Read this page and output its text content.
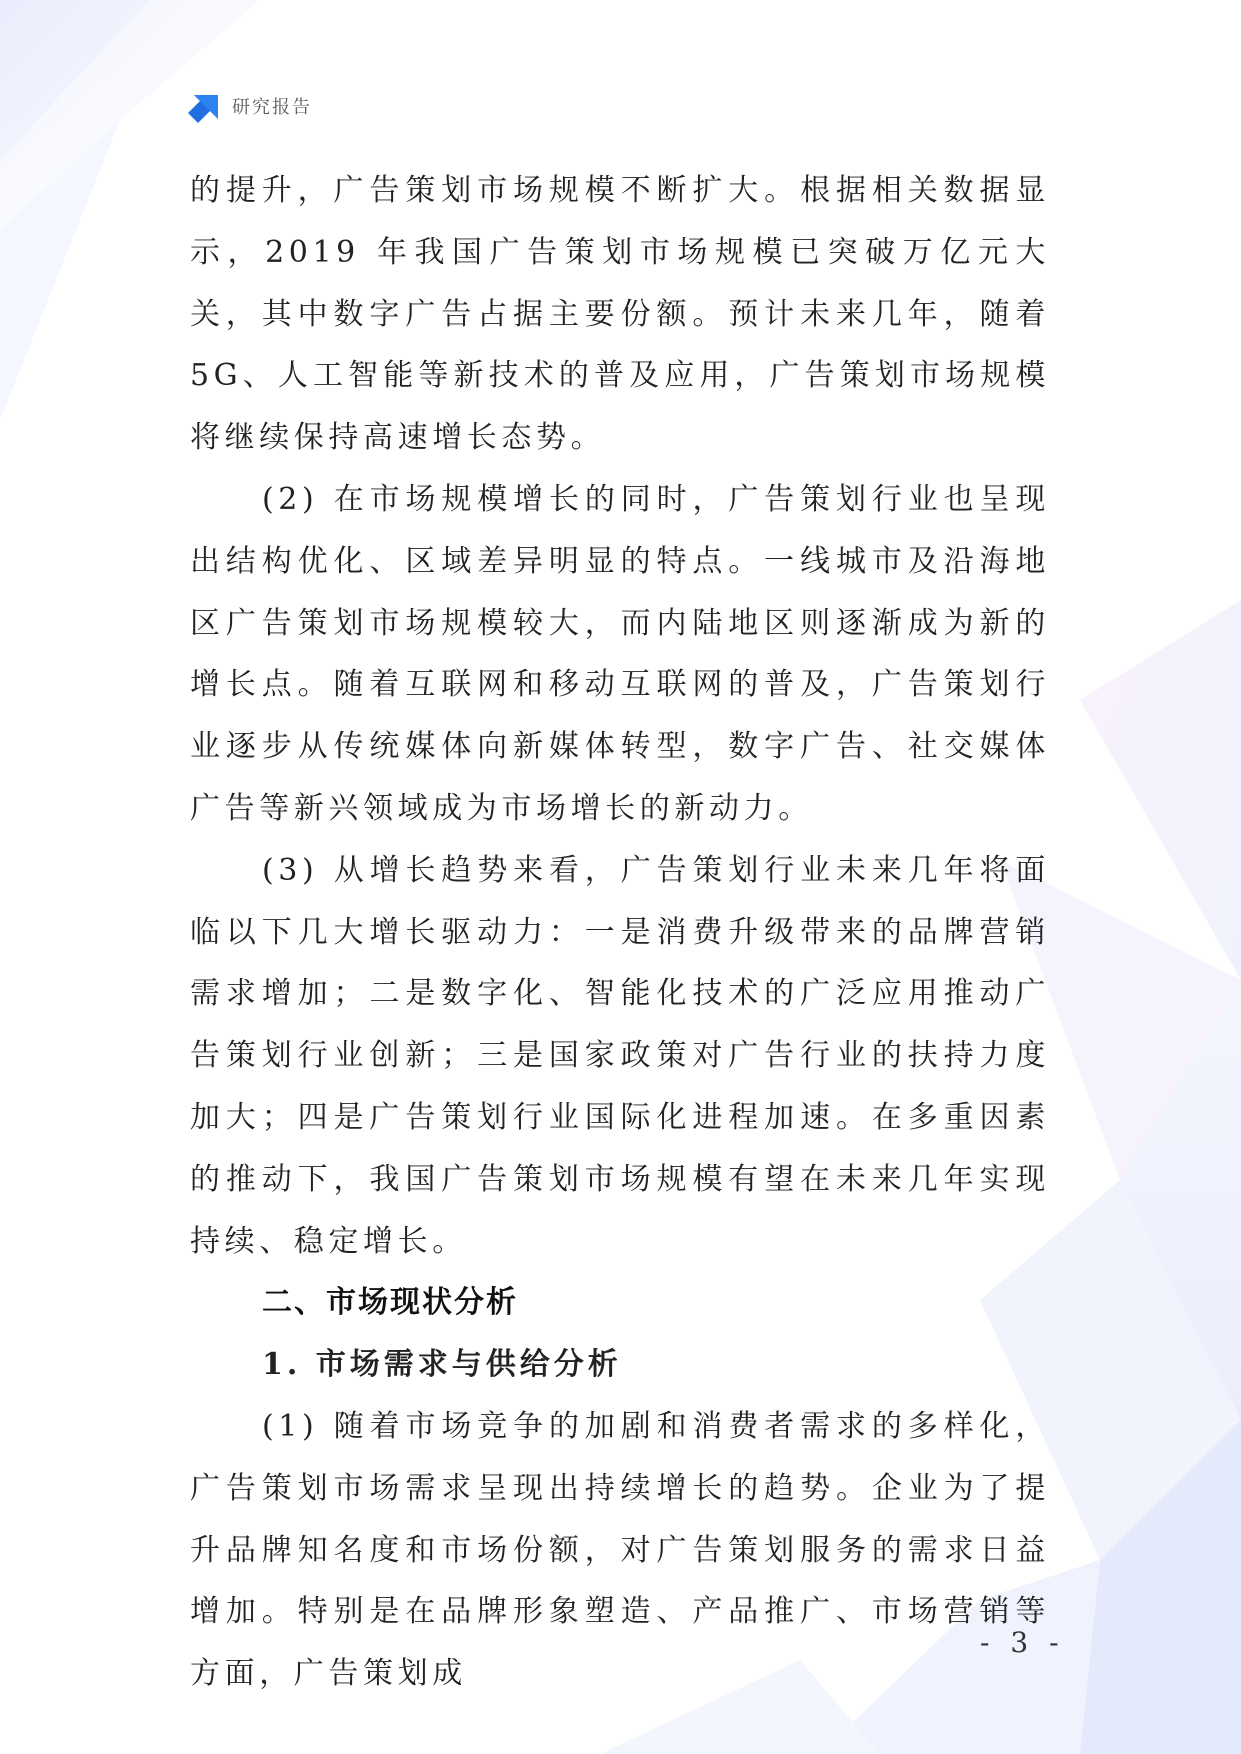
研究报告

的提升，广告策划市场规模不断扩大。根据相关数据显示，2019 年我国广告策划市场规模已突破万亿元大关，其中数字广告占据主要份额。预计未来几年，随着 5G、人工智能等新技术的普及应用，广告策划市场规模将继续保持高速增长态势。

(2) 在市场规模增长的同时，广告策划行业也呈现出结构优化、区域差异明显的特点。一线城市及沿海地区广告策划市场规模较大，而内陆地区则逐渐成为新的增长点。随着互联网和移动互联网的普及，广告策划行业逐步从传统媒体向新媒体转型，数字广告、社交媒体广告等新兴领域成为市场增长的新动力。

(3) 从增长趋势来看，广告策划行业未来几年将面临以下几大增长驱动力：一是消费升级带来的品牌营销需求增加；二是数字化、智能化技术的广泛应用推动广告策划行业创新；三是国家政策对广告行业的扶持力度加大；四是广告策划行业国际化进程加速。在多重因素的推动下，我国广告策划市场规模有望在未来几年实现持续、稳定增长。

二、市场现状分析
1. 市场需求与供给分析

(1) 随着市场竞争的加剧和消费者需求的多样化，广告策划市场需求呈现出持续增长的趋势。企业为了提升品牌知名度和市场份额，对广告策划服务的需求日益增加。特别是在品牌形象塑造、产品推广、市场营销等方面，广告策划成

- 3 -
